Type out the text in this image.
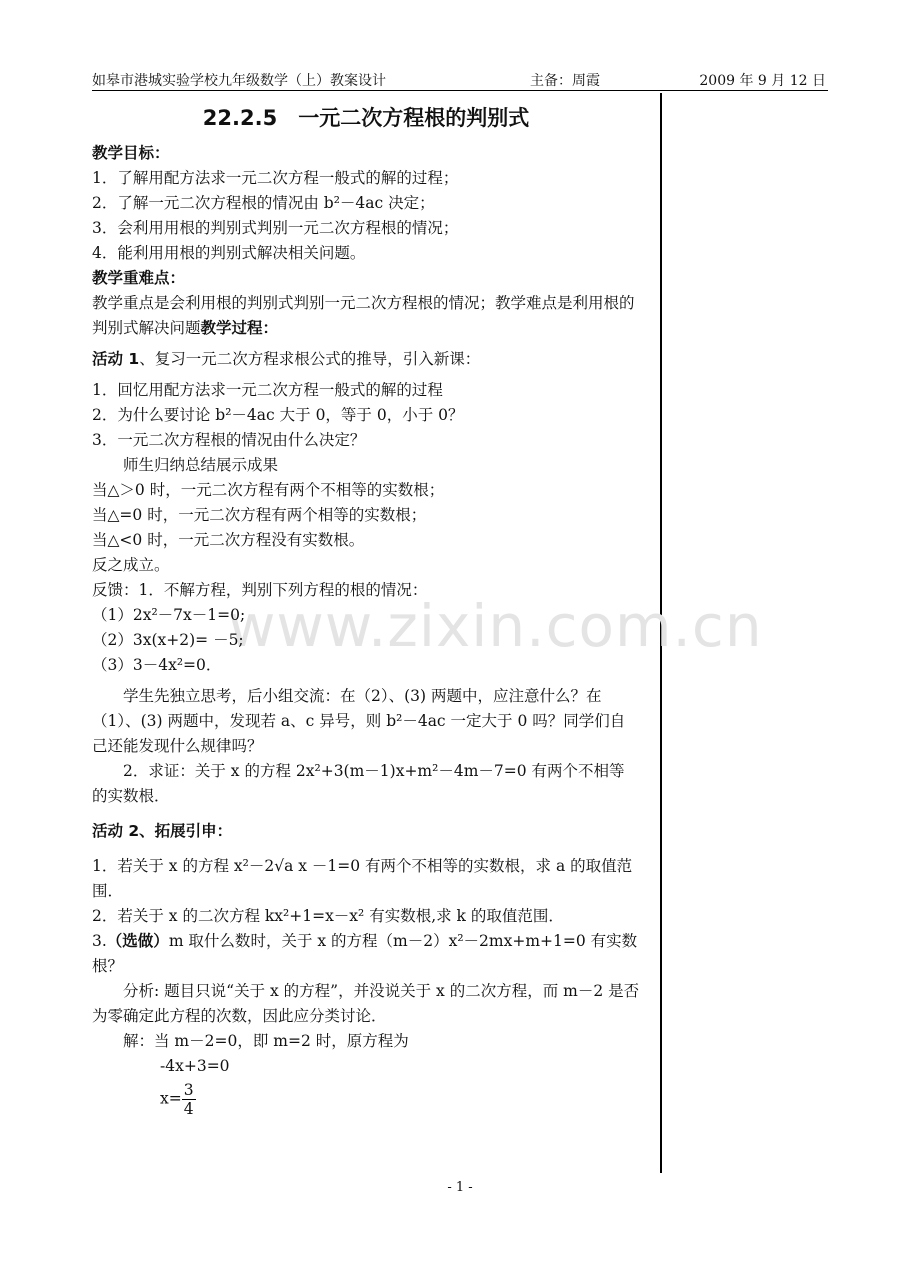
如皋市港城实验学校九年级数学（上）教案设计	主备：周霞	2009 年 9 月 12 日
www.zixin.com.cn
22.2.5　一元二次方程根的判别式

教学目标：

1．了解用配方法求一元二次方程一般式的解的过程；

2．了解一元二次方程根的情况由 b²－4ac 决定；

3．会利用用根的判别式判别一元二次方程根的情况；

4．能利用用根的判别式解决相关问题。

教学重难点：

教学重点是会利用根的判别式判别一元二次方程根的情况；教学难点是利用根的判别式解决问题教学过程：

活动 1、复习一元二次方程求根公式的推导，引入新课：

1．回忆用配方法求一元二次方程一般式的解的过程

2．为什么要讨论 b²－4ac 大于 0，等于 0，小于 0？

3．一元二次方程根的情况由什么决定？

师生归纳总结展示成果

当△＞0 时，一元二次方程有两个不相等的实数根；

当△=0 时，一元二次方程有两个相等的实数根；

当△<0 时，一元二次方程没有实数根。

反之成立。

反馈：1．不解方程，判别下列方程的根的情况：

（1）2x²－7x－1=0;

（2）3x(x+2)= －5;

（3）3－4x²=0．

学生先独立思考，后小组交流：在（2）、(3) 两题中，应注意什么？在（1）、(3) 两题中，发现若 a、c 异号，则 b²－4ac 一定大于 0 吗？同学们自己还能发现什么规律吗？

2．求证：关于 x 的方程 2x²+3(m－1)x+m²－4m－7=0 有两个不相等的实数根．

活动 2、拓展引申：

1．若关于 x 的方程 x²－2√a x －1=0 有两个不相等的实数根，求 a 的取值范围．

2．若关于 x 的二次方程 kx²+1=x－x² 有实数根,求 k 的取值范围．

3.（选做）m 取什么数时，关于 x 的方程（m－2）x²－2mx+m+1=0 有实数根？

分析: 题目只说“关于 x 的方程”，并没说关于 x 的二次方程，而 m－2 是否为零确定此方程的次数，因此应分类讨论．

解：当 m－2=0，即 m=2 时，原方程为

-4x+3=0

$x= \frac{3}{4}$

- 1 -
